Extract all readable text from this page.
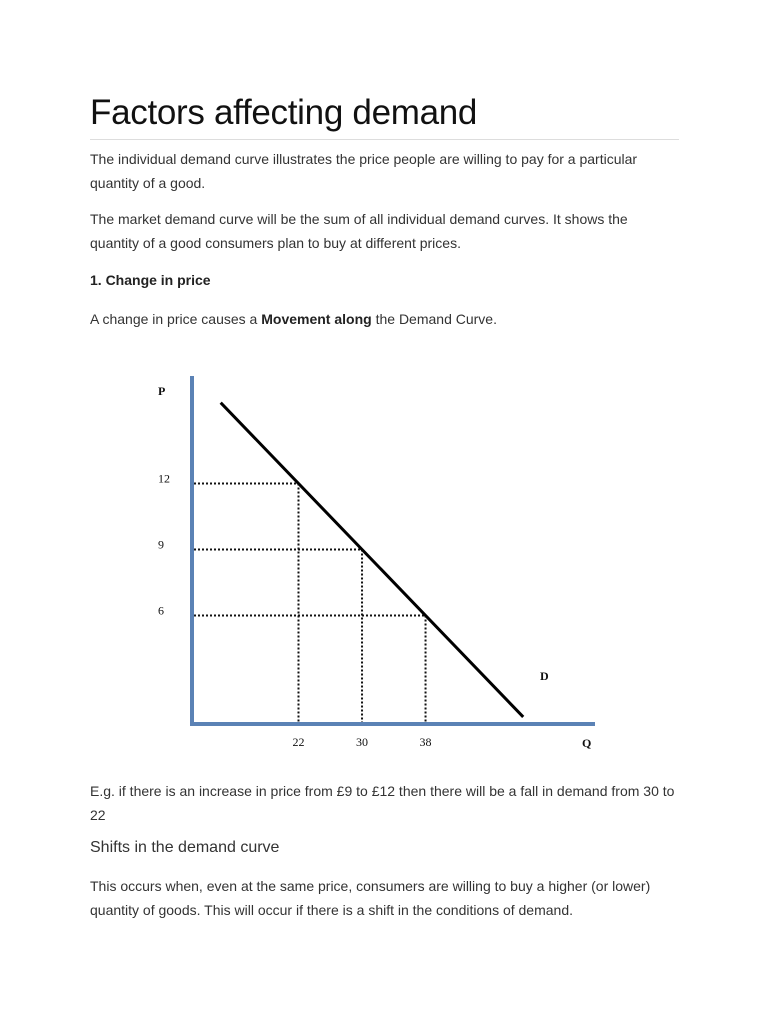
Factors affecting demand

The individual demand curve illustrates the price people are willing to pay for a particular quantity of a good.

The market demand curve will be the sum of all individual demand curves. It shows the quantity of a good consumers plan to buy at different prices.

1. Change in price

A change in price causes a Movement along the Demand Curve.

P
Q
D
12
9
6
22	30	38

E.g. if there is an increase in price from £9 to £12 then there will be a fall in demand from 30 to 22

Shifts in the demand curve

This occurs when, even at the same price, consumers are willing to buy a higher (or lower) quantity of goods. This will occur if there is a shift in the conditions of demand.
